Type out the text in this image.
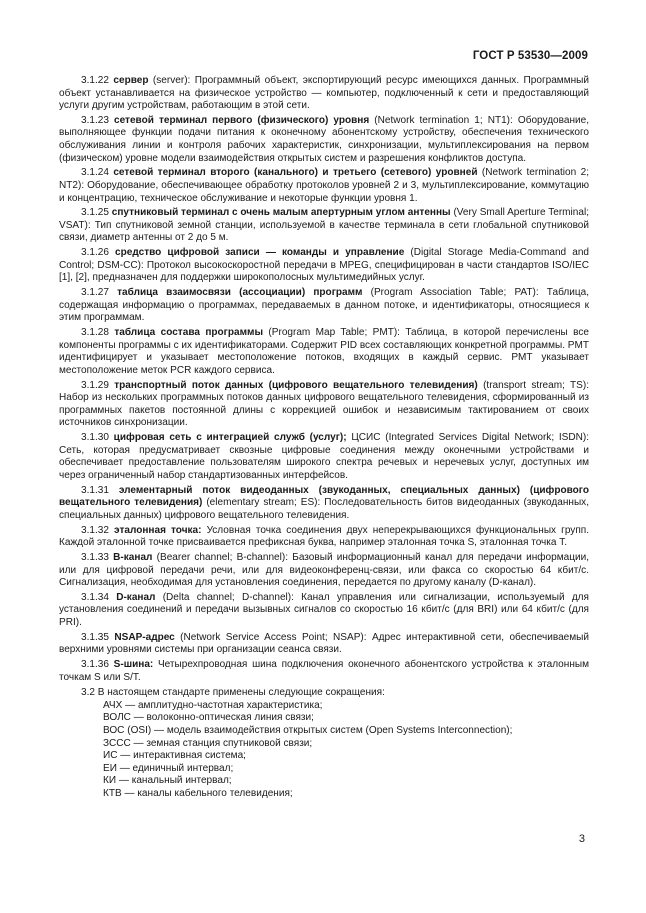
ГОСТ Р 53530—2009

3.1.22 сервер (server): Программный объект, экспортирующий ресурс имеющихся данных. Программный объект устанавливается на физическое устройство — компьютер, подключенный к сети и предоставляющий услуги другим устройствам, работающим в этой сети.

3.1.23 сетевой терминал первого (физического) уровня (Network termination 1; NT1): Оборудование, выполняющее функции подачи питания к оконечному абонентскому устройству, обеспечения технического обслуживания линии и контроля рабочих характеристик, синхронизации, мультиплексирования на первом (физическом) уровне модели взаимодействия открытых систем и разрешения конфликтов доступа.

3.1.24 сетевой терминал второго (канального) и третьего (сетевого) уровней (Network termination 2; NT2): Оборудование, обеспечивающее обработку протоколов уровней 2 и 3, мультиплексирование, коммутацию и концентрацию, техническое обслуживание и некоторые функции уровня 1.

3.1.25 спутниковый терминал с очень малым апертурным углом антенны (Very Small Aperture Terminal; VSAT): Тип спутниковой земной станции, используемой в качестве терминала в сети глобальной спутниковой связи, диаметр антенны от 2 до 5 м.

3.1.26 средство цифровой записи — команды и управление (Digital Storage Media-Command and Control; DSM-CC): Протокол высокоскоростной передачи в MPEG, специфицирован в части стандартов ISO/IEC [1], [2], предназначен для поддержки широкополосных мультимедийных услуг.

3.1.27 таблица взаимосвязи (ассоциации) программ (Program Association Table; PAT): Таблица, содержащая информацию о программах, передаваемых в данном потоке, и идентификаторы, относящиеся к этим программам.

3.1.28 таблица состава программы (Program Map Table; PMT): Таблица, в которой перечислены все компоненты программы с их идентификаторами. Содержит PID всех составляющих конкретной программы. PMT идентифицирует и указывает местоположение потоков, входящих в каждый сервис. PMT указывает местоположение меток PCR каждого сервиса.

3.1.29 транспортный поток данных (цифрового вещательного телевидения) (transport stream; TS): Набор из нескольких программных потоков данных цифрового вещательного телевидения, сформированный из программных пакетов постоянной длины с коррекцией ошибок и независимым тактированием от своих источников синхронизации.

3.1.30 цифровая сеть с интеграцией служб (услуг); ЦСИС (Integrated Services Digital Network; ISDN): Сеть, которая предусматривает сквозные цифровые соединения между оконечными устройствами и обеспечивает предоставление пользователям широкого спектра речевых и неречевых услуг, доступных им через ограниченный набор стандартизованных интерфейсов.

3.1.31 элементарный поток видеоданных (звукоданных, специальных данных) (цифрового вещательного телевидения) (elementary stream; ES): Последовательность битов видеоданных (звукоданных, специальных данных) цифрового вещательного телевидения.

3.1.32 эталонная точка: Условная точка соединения двух неперекрывающихся функциональных групп. Каждой эталонной точке присваивается префиксная буква, например эталонная точка S, эталонная точка T.

3.1.33 B-канал (Bearer channel; B-channel): Базовый информационный канал для передачи информации, или для цифровой передачи речи, или для видеоконференц-связи, или факса со скоростью 64 кбит/с. Сигнализация, необходимая для установления соединения, передается по другому каналу (D-канал).

3.1.34 D-канал (Delta channel; D-channel): Канал управления или сигнализации, используемый для установления соединений и передачи вызывных сигналов со скоростью 16 кбит/с (для BRI) или 64 кбит/с (для PRI).

3.1.35 NSAP-адрес (Network Service Access Point; NSAP): Адрес интерактивной сети, обеспечиваемый верхними уровнями системы при организации сеанса связи.

3.1.36 S-шина: Четырехпроводная шина подключения оконечного абонентского устройства к эталонным точкам S или S/T.

3.2 В настоящем стандарте применены следующие сокращения:

АЧХ — амплитудно-частотная характеристика;
ВОЛС — волоконно-оптическая линия связи;
ВОС (OSI) — модель взаимодействия открытых систем (Open Systems Interconnection);
ЗССС — земная станция спутниковой связи;
ИС — интерактивная система;
ЕИ — единичный интервал;
КИ — канальный интервал;
КТВ — каналы кабельного телевидения;
3
